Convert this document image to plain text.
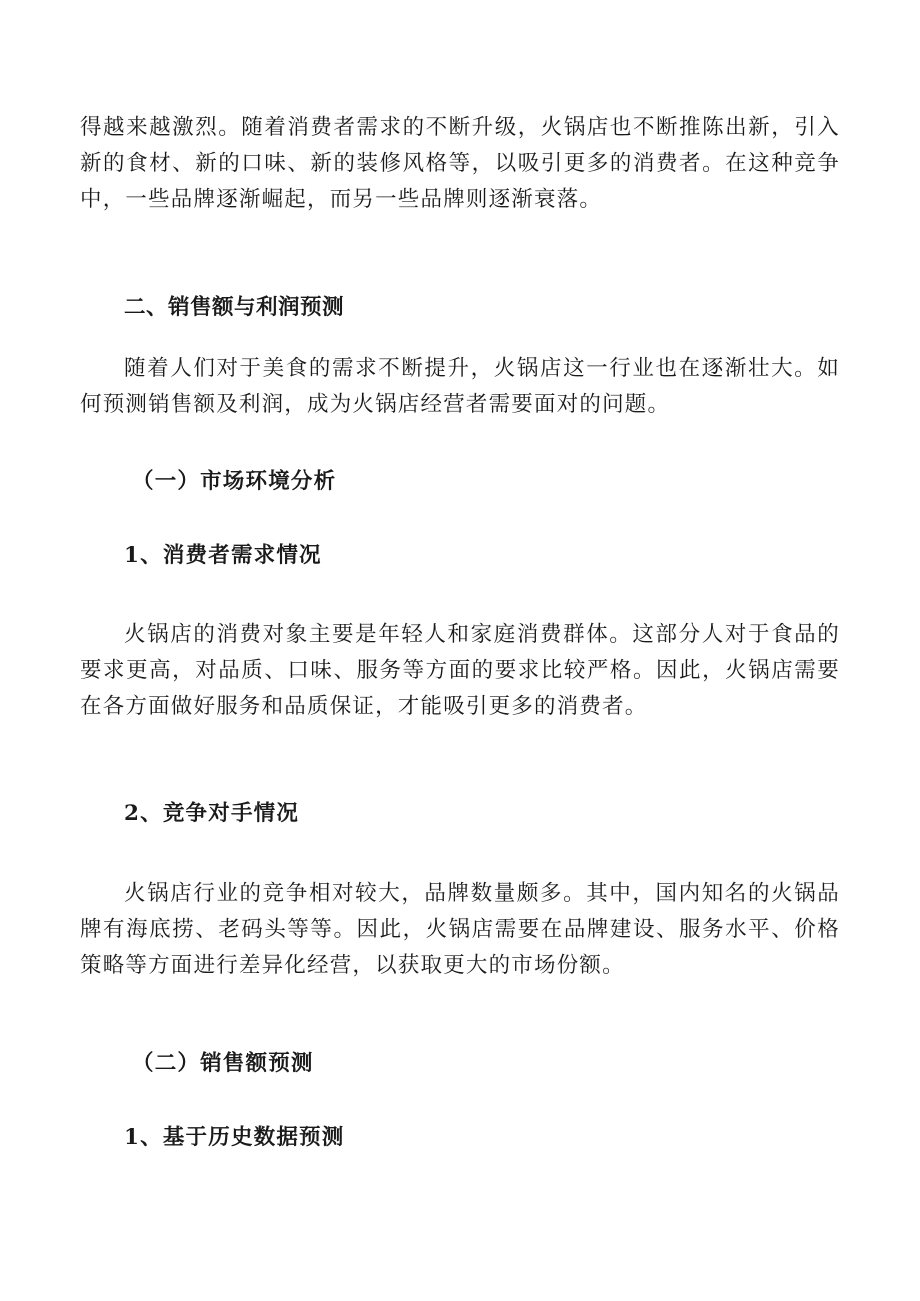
得越来越激烈。随着消费者需求的不断升级，火锅店也不断推陈出新，引入新的食材、新的口味、新的装修风格等，以吸引更多的消费者。在这种竞争中，一些品牌逐渐崛起，而另一些品牌则逐渐衰落。

二、销售额与利润预测

随着人们对于美食的需求不断提升，火锅店这一行业也在逐渐壮大。如何预测销售额及利润，成为火锅店经营者需要面对的问题。

（一）市场环境分析
1、消费者需求情况

火锅店的消费对象主要是年轻人和家庭消费群体。这部分人对于食品的要求更高，对品质、口味、服务等方面的要求比较严格。因此，火锅店需要在各方面做好服务和品质保证，才能吸引更多的消费者。

2、竞争对手情况

火锅店行业的竞争相对较大，品牌数量颇多。其中，国内知名的火锅品牌有海底捞、老码头等等。因此，火锅店需要在品牌建设、服务水平、价格策略等方面进行差异化经营，以获取更大的市场份额。

（二）销售额预测
1、基于历史数据预测
